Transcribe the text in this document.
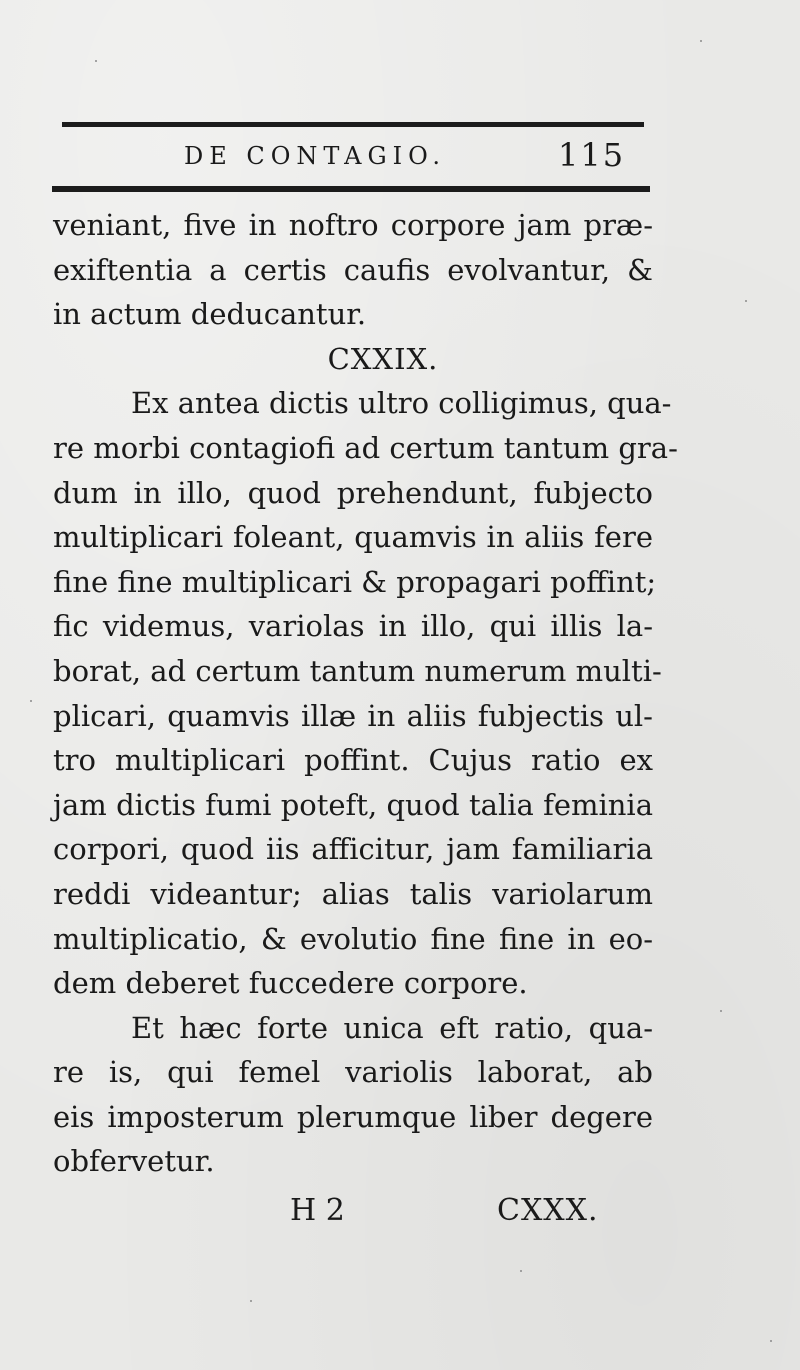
DE CONTAGIO.	115
veniant, five in noftro corpore jam præ-
exiftentia a certis caufis evolvantur, &
in actum deducantur.
CXXIX.
Ex antea dictis ultro colligimus, qua-
re morbi contagiofi ad certum tantum gra-
dum in illo, quod prehendunt, fubjecto
multiplicari foleant, quamvis in aliis fere
fine fine multiplicari & propagari poffint;
fic videmus, variolas in illo, qui illis la-
borat, ad certum tantum numerum multi-
plicari, quamvis illæ in aliis fubjectis ul-
tro multiplicari poffint. Cujus ratio ex
jam dictis fumi poteft, quod talia feminia
corpori, quod iis afficitur, jam familiaria
reddi videantur; alias talis variolarum
multiplicatio, & evolutio fine fine in eo-
dem deberet fuccedere corpore.
Et hæc forte unica eft ratio, qua-
re is, qui femel variolis laborat, ab
eis imposterum plerumque liber degere
obfervetur.
H 2	CXXX.
